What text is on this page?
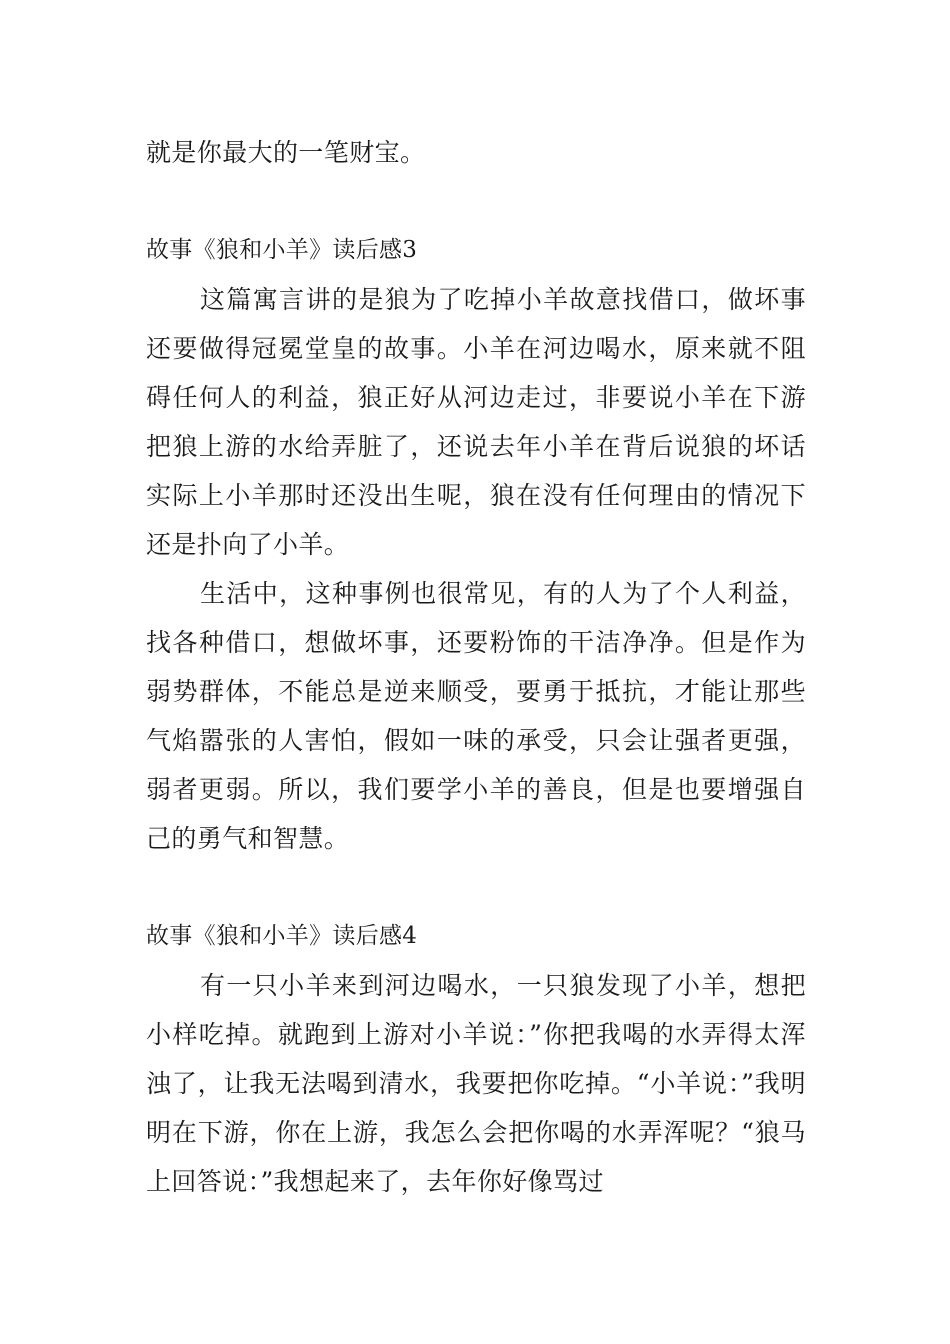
就是你最大的一笔财宝。

故事《狼和小羊》读后感3

这篇寓言讲的是狼为了吃掉小羊故意找借口，做坏事还要做得冠冕堂皇的故事。小羊在河边喝水，原来就不阻碍任何人的利益，狼正好从河边走过，非要说小羊在下游把狼上游的水给弄脏了，还说去年小羊在背后说狼的坏话实际上小羊那时还没出生呢，狼在没有任何理由的情况下还是扑向了小羊。

生活中，这种事例也很常见，有的人为了个人利益，找各种借口，想做坏事，还要粉饰的干洁净净。但是作为弱势群体，不能总是逆来顺受，要勇于抵抗，才能让那些气焰嚣张的人害怕，假如一味的承受，只会让强者更强，弱者更弱。所以，我们要学小羊的善良，但是也要增强自己的勇气和智慧。

故事《狼和小羊》读后感4

有一只小羊来到河边喝水，一只狼发现了小羊，想把小样吃掉。就跑到上游对小羊说：”你把我喝的水弄得太浑浊了，让我无法喝到清水，我要把你吃掉。“小羊说：”我明明在下游，你在上游，我怎么会把你喝的水弄浑呢？“狼马上回答说：”我想起来了，去年你好像骂过
